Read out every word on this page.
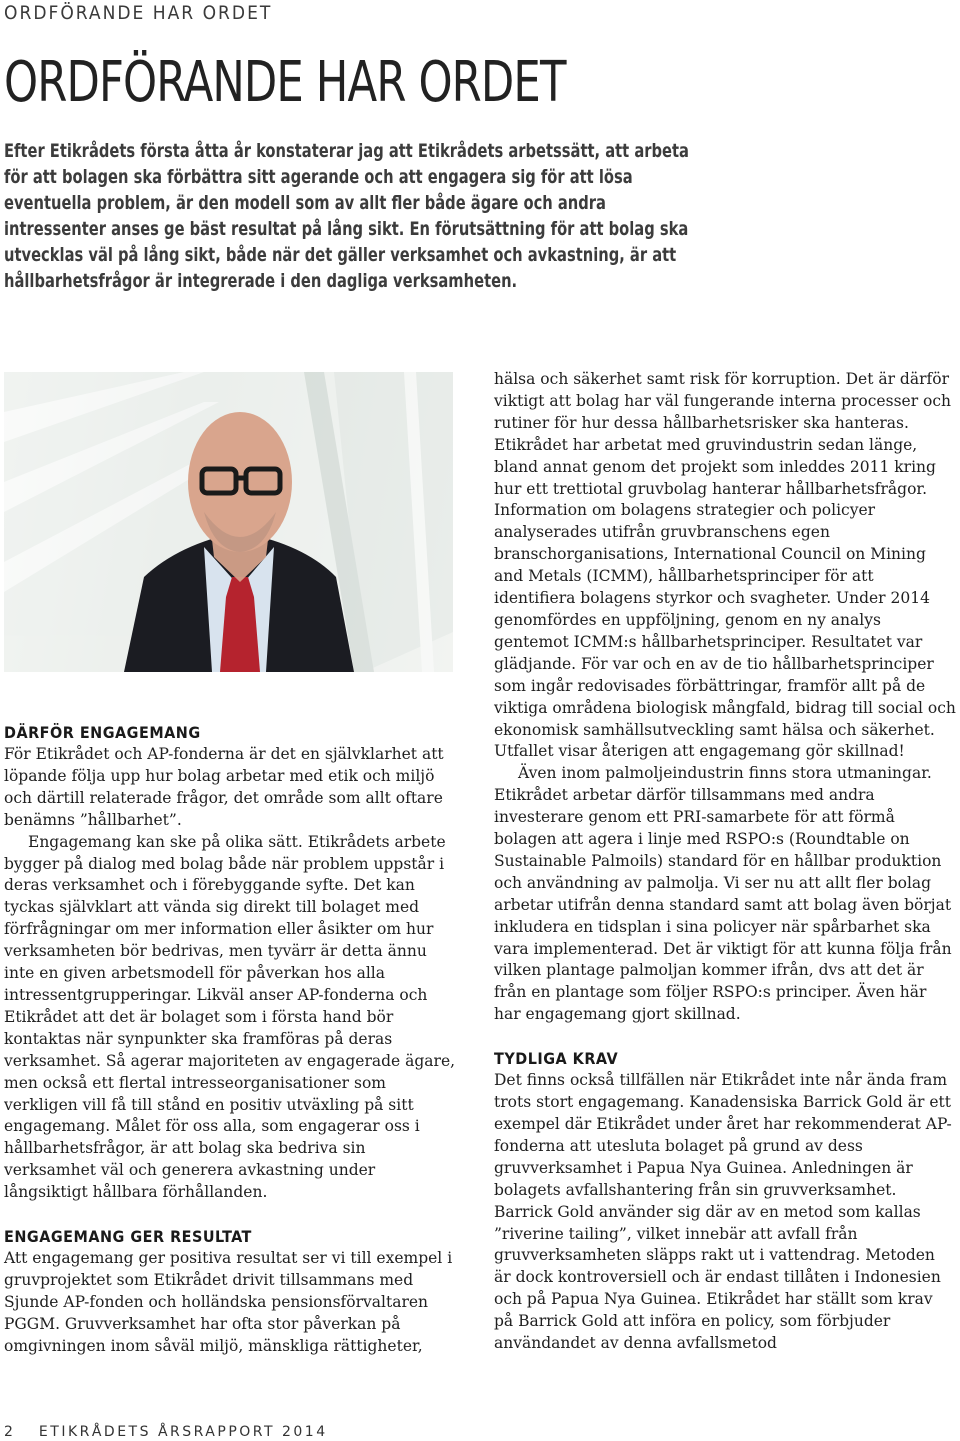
ORDFÖRANDE HAR ORDET
ORDFÖRANDE HAR ORDET
Efter Etikrådets första åtta år konstaterar jag att Etikrådets arbetssätt, att arbeta för att bolagen ska förbättra sitt agerande och att engagera sig för att lösa eventuella problem, är den modell som av allt fler både ägare och andra intressenter anses ge bäst resultat på lång sikt. En förutsättning för att bolag ska utvecklas väl på lång sikt, både när det gäller verksamhet och avkastning, är att hållbarhetsfrågor är integrerade i den dagliga verksamheten.
DÄRFÖR ENGAGEMANG

För Etikrådet och AP-fonderna är det en självklarhet att löpande följa upp hur bolag arbetar med etik och miljö och därtill relaterade frågor, det område som allt oftare benämns ”hållbarhet”.

Engagemang kan ske på olika sätt. Etikrådets arbete bygger på dialog med bolag både när problem uppstår i deras verksamhet och i förebyggande syfte. Det kan tyckas självklart att vända sig direkt till bolaget med förfrågningar om mer information eller åsikter om hur verksamheten bör bedrivas, men tyvärr är detta ännu inte en given arbetsmodell för påverkan hos alla intressentgrupperingar. Likväl anser AP-fonderna och Etikrådet att det är bolaget som i första hand bör kontaktas när synpunkter ska framföras på deras verksamhet. Så agerar majoriteten av engagerade ägare, men också ett flertal intresseorganisationer som verkligen vill få till stånd en positiv utväxling på sitt engagemang. Målet för oss alla, som engagerar oss i hållbarhetsfrågor, är att bolag ska bedriva sin verksamhet väl och generera avkastning under långsiktigt hållbara förhållanden.

ENGAGEMANG GER RESULTAT

Att engagemang ger positiva resultat ser vi till exempel i gruvprojektet som Etikrådet drivit tillsammans med Sjunde AP-fonden och holländska pensionsförvaltaren PGGM. Gruvverksamhet har ofta stor påverkan på omgivningen inom såväl miljö, mänskliga rättigheter,

hälsa och säkerhet samt risk för korruption. Det är därför viktigt att bolag har väl fungerande interna processer och rutiner för hur dessa hållbarhetsrisker ska hanteras. Etikrådet har arbetat med gruvindustrin sedan länge, bland annat genom det projekt som inleddes 2011 kring hur ett trettiotal gruvbolag hanterar hållbarhetsfrågor. Information om bolagens strategier och policyer analyserades utifrån gruvbranschens egen branschorganisations, International Council on Mining and Metals (ICMM), hållbarhetsprinciper för att identifiera bolagens styrkor och svagheter. Under 2014 genomfördes en uppföljning, genom en ny analys gentemot ICMM:s hållbarhetsprinciper. Resultatet var glädjande. För var och en av de tio hållbarhetsprinciper som ingår redovisades förbättringar, framför allt på de viktiga områdena biologisk mångfald, bidrag till social och ekonomisk samhällsutveckling samt hälsa och säkerhet. Utfallet visar återigen att engagemang gör skillnad!

Även inom palmoljeindustrin finns stora utmaningar. Etikrådet arbetar därför tillsammans med andra investerare genom ett PRI-samarbete för att förmå bolagen att agera i linje med RSPO:s (Roundtable on Sustainable Palmoils) standard för en hållbar produktion och användning av palmolja. Vi ser nu att allt fler bolag arbetar utifrån denna standard samt att bolag även börjat inkludera en tidsplan i sina policyer när spårbarhet ska vara implementerad. Det är viktigt för att kunna följa från vilken plantage palmoljan kommer ifrån, dvs att det är från en plantage som följer RSPO:s principer. Även här har engagemang gjort skillnad.

TYDLIGA KRAV

Det finns också tillfällen när Etikrådet inte når ända fram trots stort engagemang. Kanadensiska Barrick Gold är ett exempel där Etikrådet under året har rekommenderat AP-fonderna att utesluta bolaget på grund av dess gruvverksamhet i Papua Nya Guinea. Anledningen är bolagets avfallshantering från sin gruvverksamhet. Barrick Gold använder sig där av en metod som kallas ”riverine tailing”, vilket innebär att avfall från gruvverksamheten släpps rakt ut i vattendrag. Metoden är dock kontroversiell och är endast tillåten i Indonesien och på Papua Nya Guinea. Etikrådet har ställt som krav på Barrick Gold att införa en policy, som förbjuder användandet av denna avfallsmetod

2 ETIKRÅDETS ÅRSRAPPORT 2014
